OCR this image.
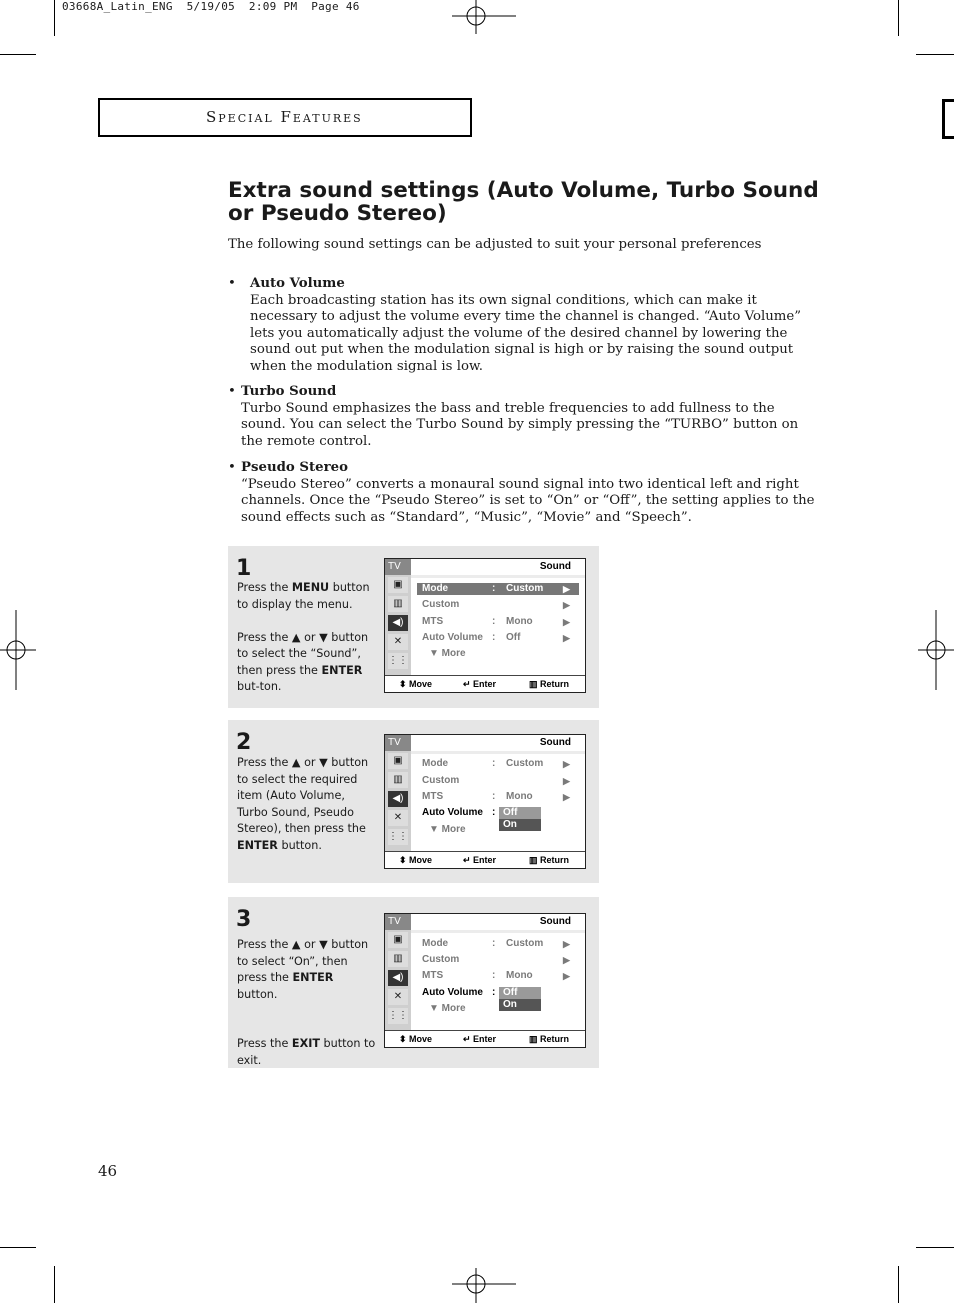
03668A_Latin_ENG  5/19/05  2:09 PM  Page 46
Special Features
Extra sound settings (Auto Volume, Turbo Sound or Pseudo Stereo)
The following sound settings can be adjusted to suit your personal preferences
• Auto Volume
Each broadcasting station has its own signal conditions, which can make it necessary to adjust the volume every time the channel is changed. “Auto Volume” lets you automatically adjust the volume of the desired channel by lowering the sound out put when the modulation signal is high or by raising the sound output when the modulation signal is low.
• Turbo Sound
Turbo Sound emphasizes the bass and treble frequencies to add fullness to the sound. You can select the Turbo Sound by simply pressing the “TURBO” button on the remote control.
• Pseudo Stereo
“Pseudo Stereo” converts a monaural sound signal into two identical left and right channels. Once the “Pseudo Stereo” is set to “On” or “Off”, the setting applies to the sound effects such as “Standard”, “Music”, “Movie” and “Speech”.
1
Press the MENU button to display the menu.

Press the ▲ or ▼ button to select the “Sound”, then press the ENTER but-ton.
TV	Sound
▣
▥
◀)
✕
⋮⋮
Mode	: Custom ▶
Custom	▶
MTS	: Mono	▶
Auto Volume : Off	▶
▼ More
⬍ Move	↵ Enter	▥ Return
2
Press the ▲ or ▼ button to select the required item (Auto Volume, Turbo Sound, Pseudo Stereo), then press the ENTER button.
TV	Sound
▣
▥
◀)
✕
⋮⋮
Mode	: Custom ▶
Custom	▶
MTS	: Mono	▶
Auto Volume : Off
On
▼ More
⬍ Move	↵ Enter	▥ Return
3
Press the ▲ or ▼ button to select “On”, then press the ENTER button.

Press the EXIT button to exit.
TV	Sound
▣
▥
◀)
✕
⋮⋮
Mode	: Custom ▶
Custom	▶
MTS	: Mono	▶
Auto Volume : Off
On
▼ More
⬍ Move	↵ Enter	▥ Return
46
